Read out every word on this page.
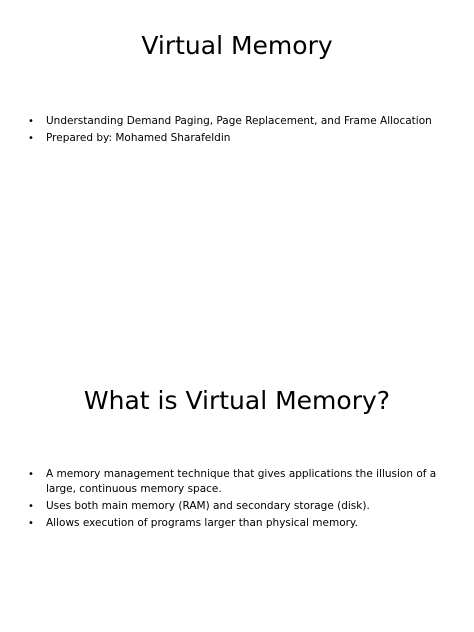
Virtual Memory
• Understanding Demand Paging, Page Replacement, and Frame Allocation
• Prepared by: Mohamed Sharafeldin
What is Virtual Memory?
• A memory management technique that gives applications the illusion of a large, continuous memory space.
• Uses both main memory (RAM) and secondary storage (disk).
• Allows execution of programs larger than physical memory.
